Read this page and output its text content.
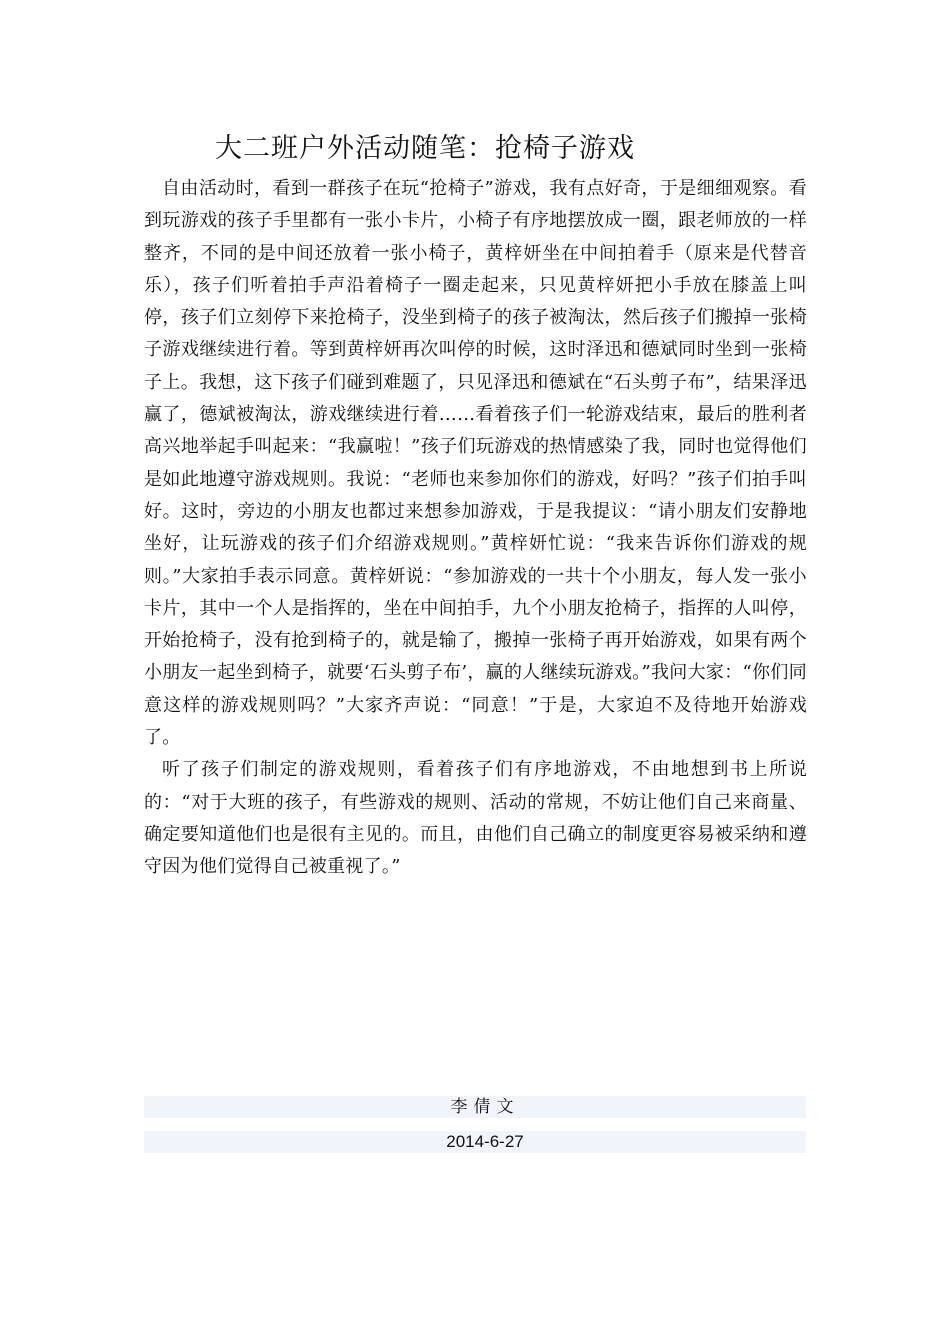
大二班户外活动随笔：抢椅子游戏

自由活动时，看到一群孩子在玩“抢椅子”游戏，我有点好奇，于是细细观察。看到玩游戏的孩子手里都有一张小卡片，小椅子有序地摆放成一圈，跟老师放的一样整齐，不同的是中间还放着一张小椅子，黄梓妍坐在中间拍着手（原来是代替音乐），孩子们听着拍手声沿着椅子一圈走起来，只见黄梓妍把小手放在膝盖上叫停，孩子们立刻停下来抢椅子，没坐到椅子的孩子被淘汰，然后孩子们搬掉一张椅子游戏继续进行着。等到黄梓妍再次叫停的时候，这时泽迅和德斌同时坐到一张椅子上。我想，这下孩子们碰到难题了，只见泽迅和德斌在“石头剪子布”，结果泽迅赢了，德斌被淘汰，游戏继续进行着……看着孩子们一轮游戏结束，最后的胜利者高兴地举起手叫起来：“我赢啦！”孩子们玩游戏的热情感染了我，同时也觉得他们是如此地遵守游戏规则。我说：“老师也来参加你们的游戏，好吗？”孩子们拍手叫好。这时，旁边的小朋友也都过来想参加游戏，于是我提议：“请小朋友们安静地坐好，让玩游戏的孩子们介绍游戏规则。”黄梓妍忙说：“我来告诉你们游戏的规则。”大家拍手表示同意。黄梓妍说：“参加游戏的一共十个小朋友，每人发一张小卡片，其中一个人是指挥的，坐在中间拍手，九个小朋友抢椅子，指挥的人叫停，开始抢椅子，没有抢到椅子的，就是输了，搬掉一张椅子再开始游戏，如果有两个小朋友一起坐到椅子，就要‘石头剪子布’，赢的人继续玩游戏。”我问大家：“你们同意这样的游戏规则吗？”大家齐声说：“同意！”于是，大家迫不及待地开始游戏了。

听了孩子们制定的游戏规则，看着孩子们有序地游戏，不由地想到书上所说的：“对于大班的孩子，有些游戏的规则、活动的常规，不妨让他们自己来商量、确定要知道他们也是很有主见的。而且，由他们自己确立的制度更容易被采纳和遵守因为他们觉得自己被重视了。”

李倩文
2014-6-27
